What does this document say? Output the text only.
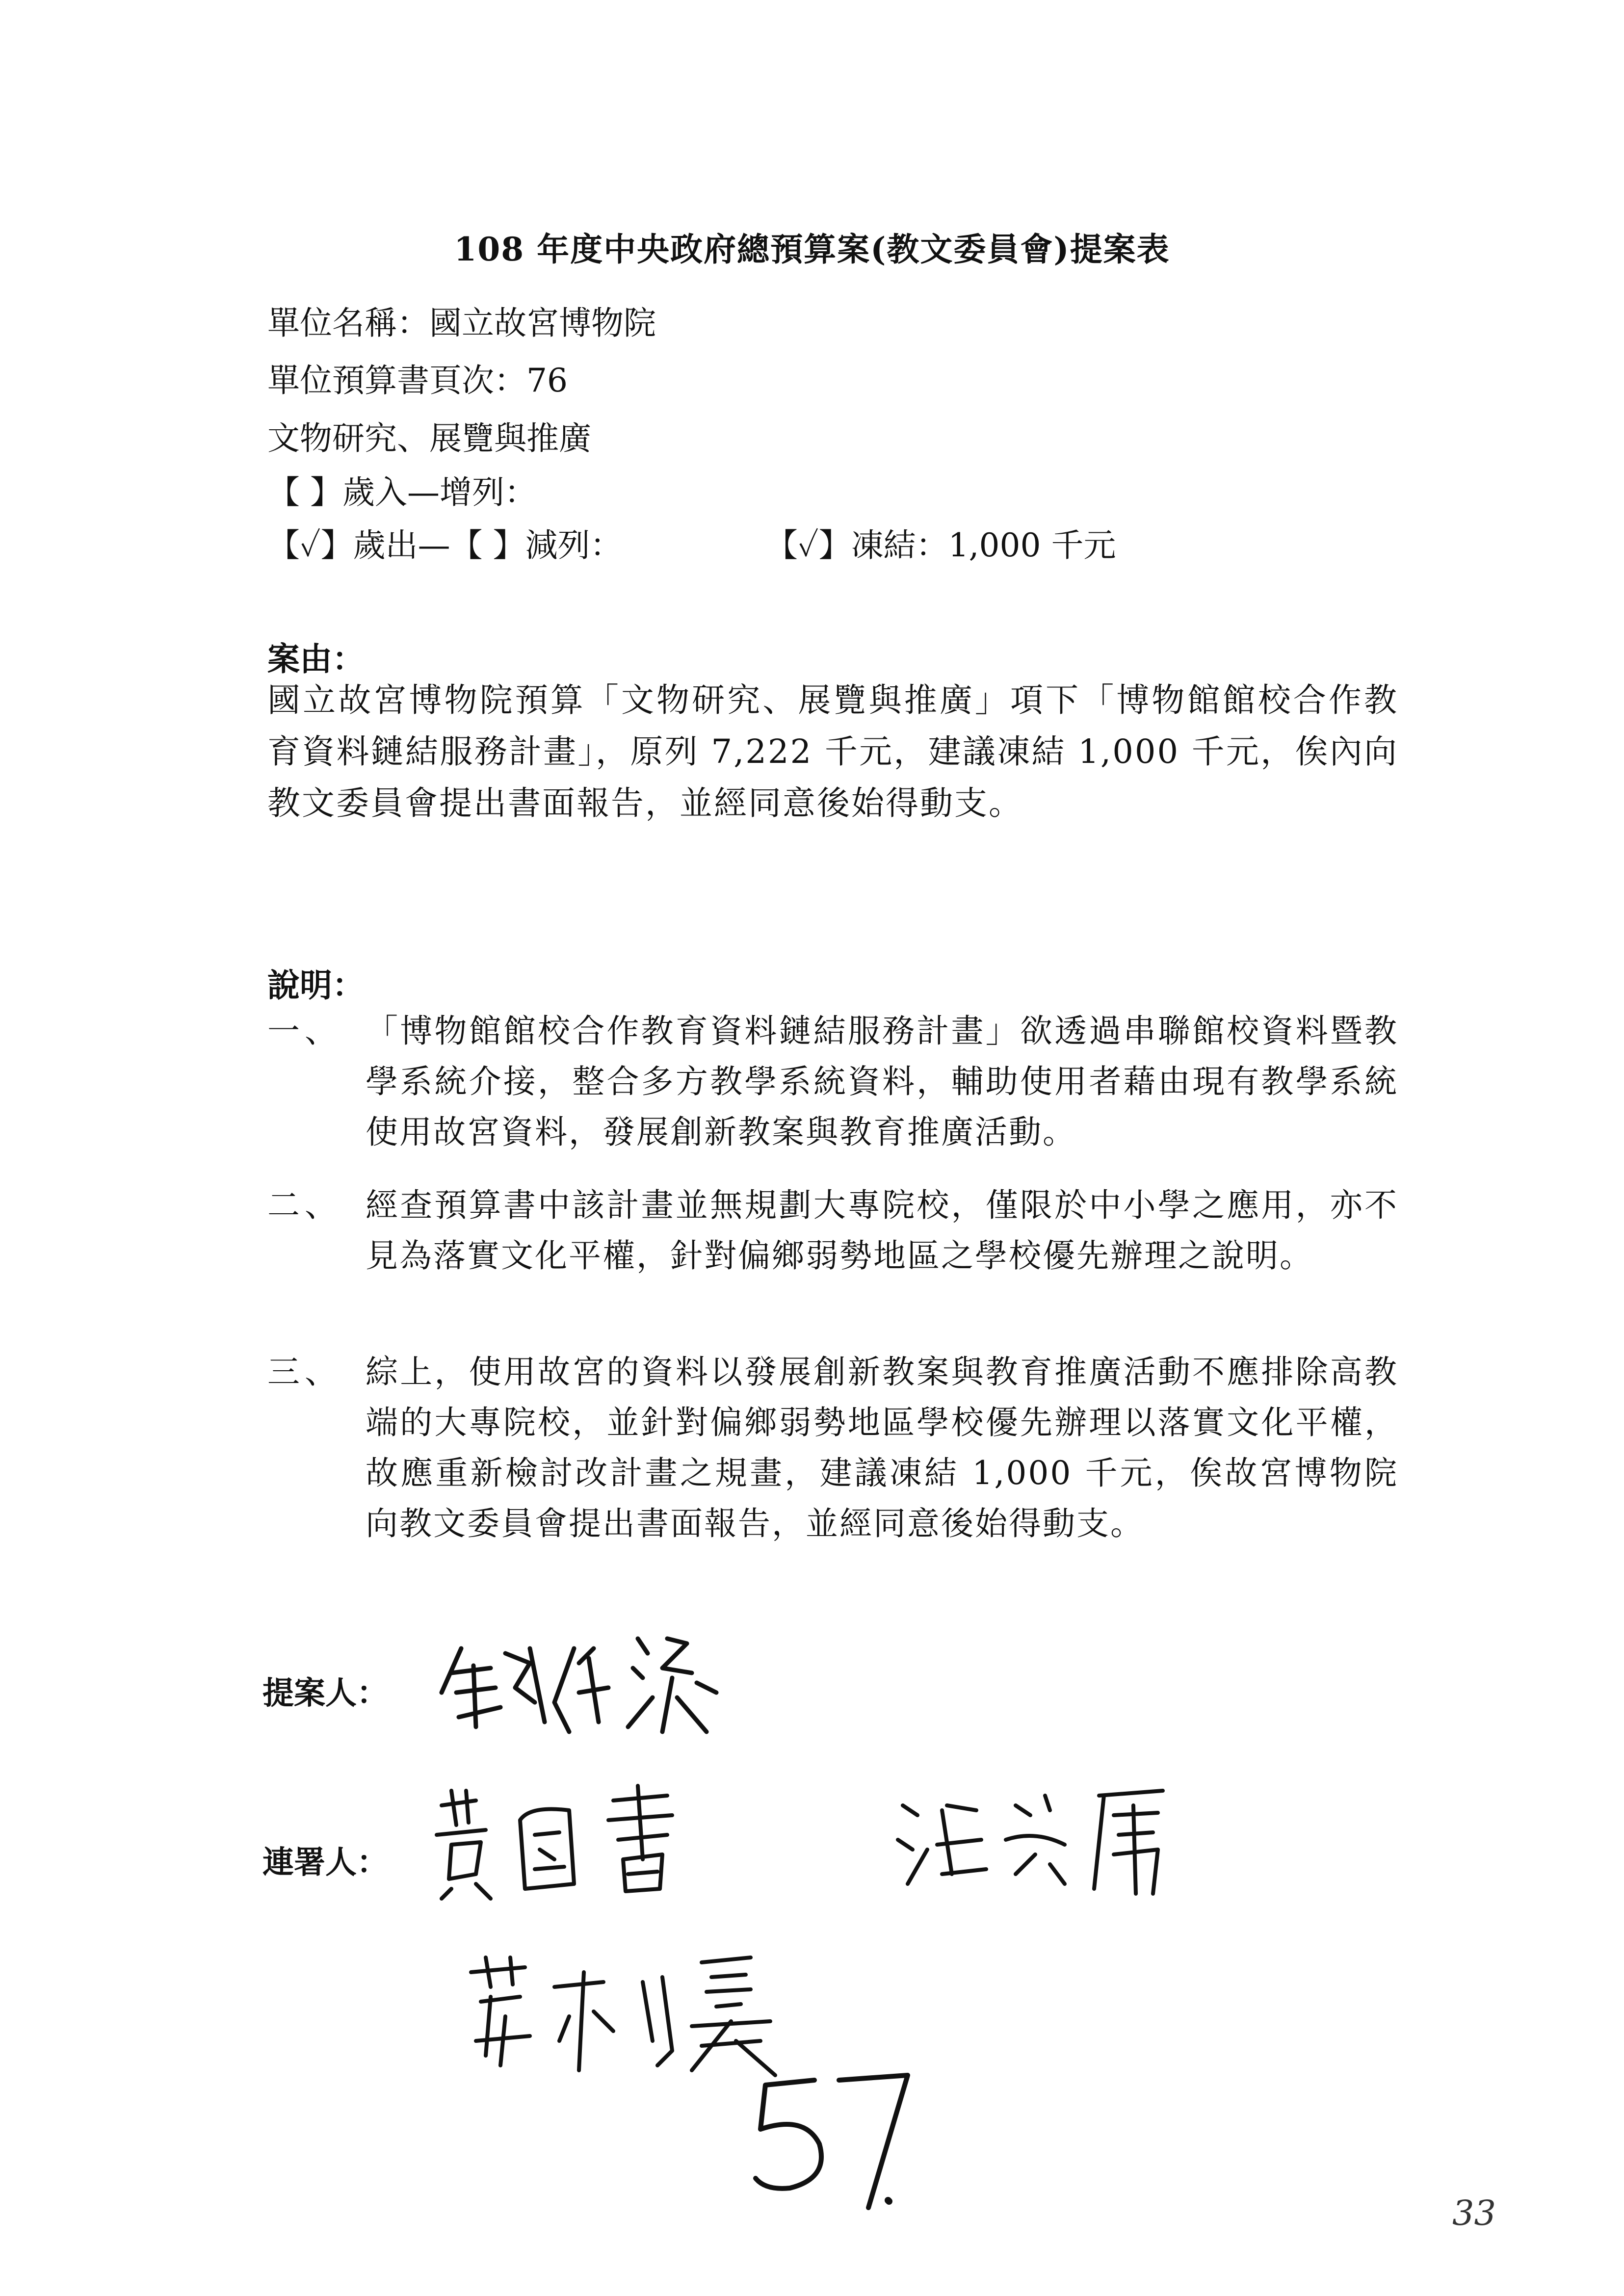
108 年度中央政府總預算案(教文委員會)提案表
單位名稱：國立故宮博物院
單位預算書頁次：76
文物研究、展覽與推廣
【 】歲入—增列：
【✓】歲出—【 】減列：	【✓】凍結：1,000 千元
案由：
國立故宮博物院預算「文物研究、展覽與推廣」項下「博物館館校合作教育資料鏈結服務計畫」，原列 7,222 千元，建議凍結 1,000 千元，俟內向教文委員會提出書面報告，並經同意後始得動支。
說明：
一、 「博物館館校合作教育資料鏈結服務計畫」欲透過串聯館校資料暨教學系統介接，整合多方教學系統資料，輔助使用者藉由現有教學系統使用故宮資料，發展創新教案與教育推廣活動。
二、 經查預算書中該計畫並無規劃大專院校，僅限於中小學之應用，亦不見為落實文化平權，針對偏鄉弱勢地區之學校優先辦理之說明。
三、 綜上，使用故宮的資料以發展創新教案與教育推廣活動不應排除高教端的大專院校，並針對偏鄉弱勢地區學校優先辦理以落實文化平權，故應重新檢討改計畫之規畫，建議凍結 1,000 千元，俟故宮博物院向教文委員會提出書面報告，並經同意後始得動支。
提案人：
連署人：
33
